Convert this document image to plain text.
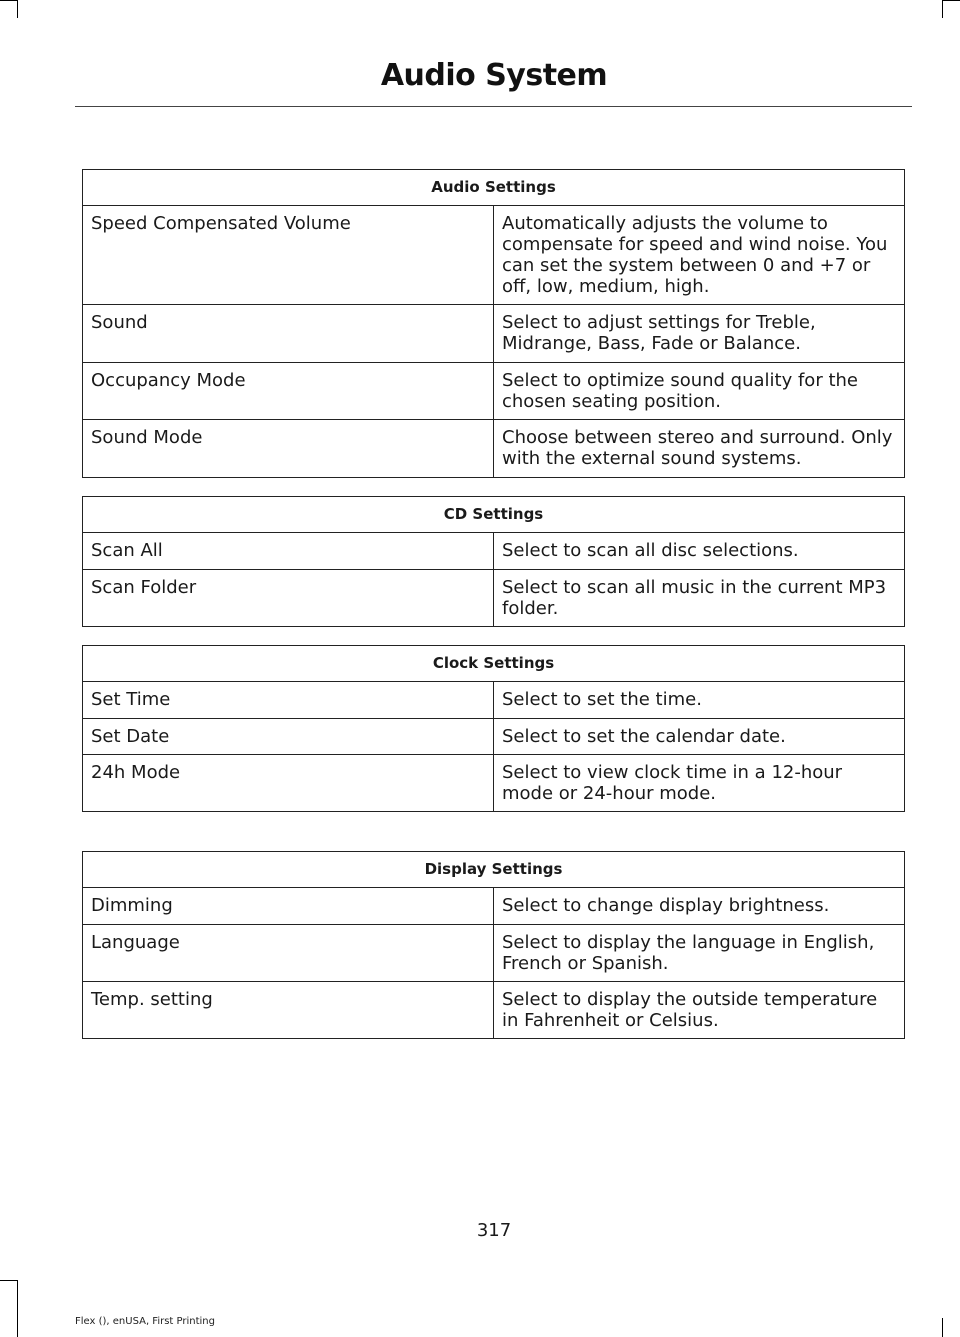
Audio System
Audio Settings	
Speed Compensated Volume	Automatically adjusts the volume to compensate for speed and wind noise. You can set the system between 0 and +7 or off, low, medium, high.
Sound	Select to adjust settings for Treble, Midrange, Bass, Fade or Balance.
Occupancy Mode	Select to optimize sound quality for the chosen seating position.
Sound Mode	Choose between stereo and surround. Only with the external sound systems.
CD Settings	
Scan All	Select to scan all disc selections.
Scan Folder	Select to scan all music in the current MP3 folder.
Clock Settings	
Set Time	Select to set the time.
Set Date	Select to set the calendar date.
24h Mode	Select to view clock time in a 12-hour mode or 24-hour mode.
Display Settings	
Dimming	Select to change display brightness.
Language	Select to display the language in English, French or Spanish.
Temp. setting	Select to display the outside temperature in Fahrenheit or Celsius.
317
Flex (), enUSA, First Printing
